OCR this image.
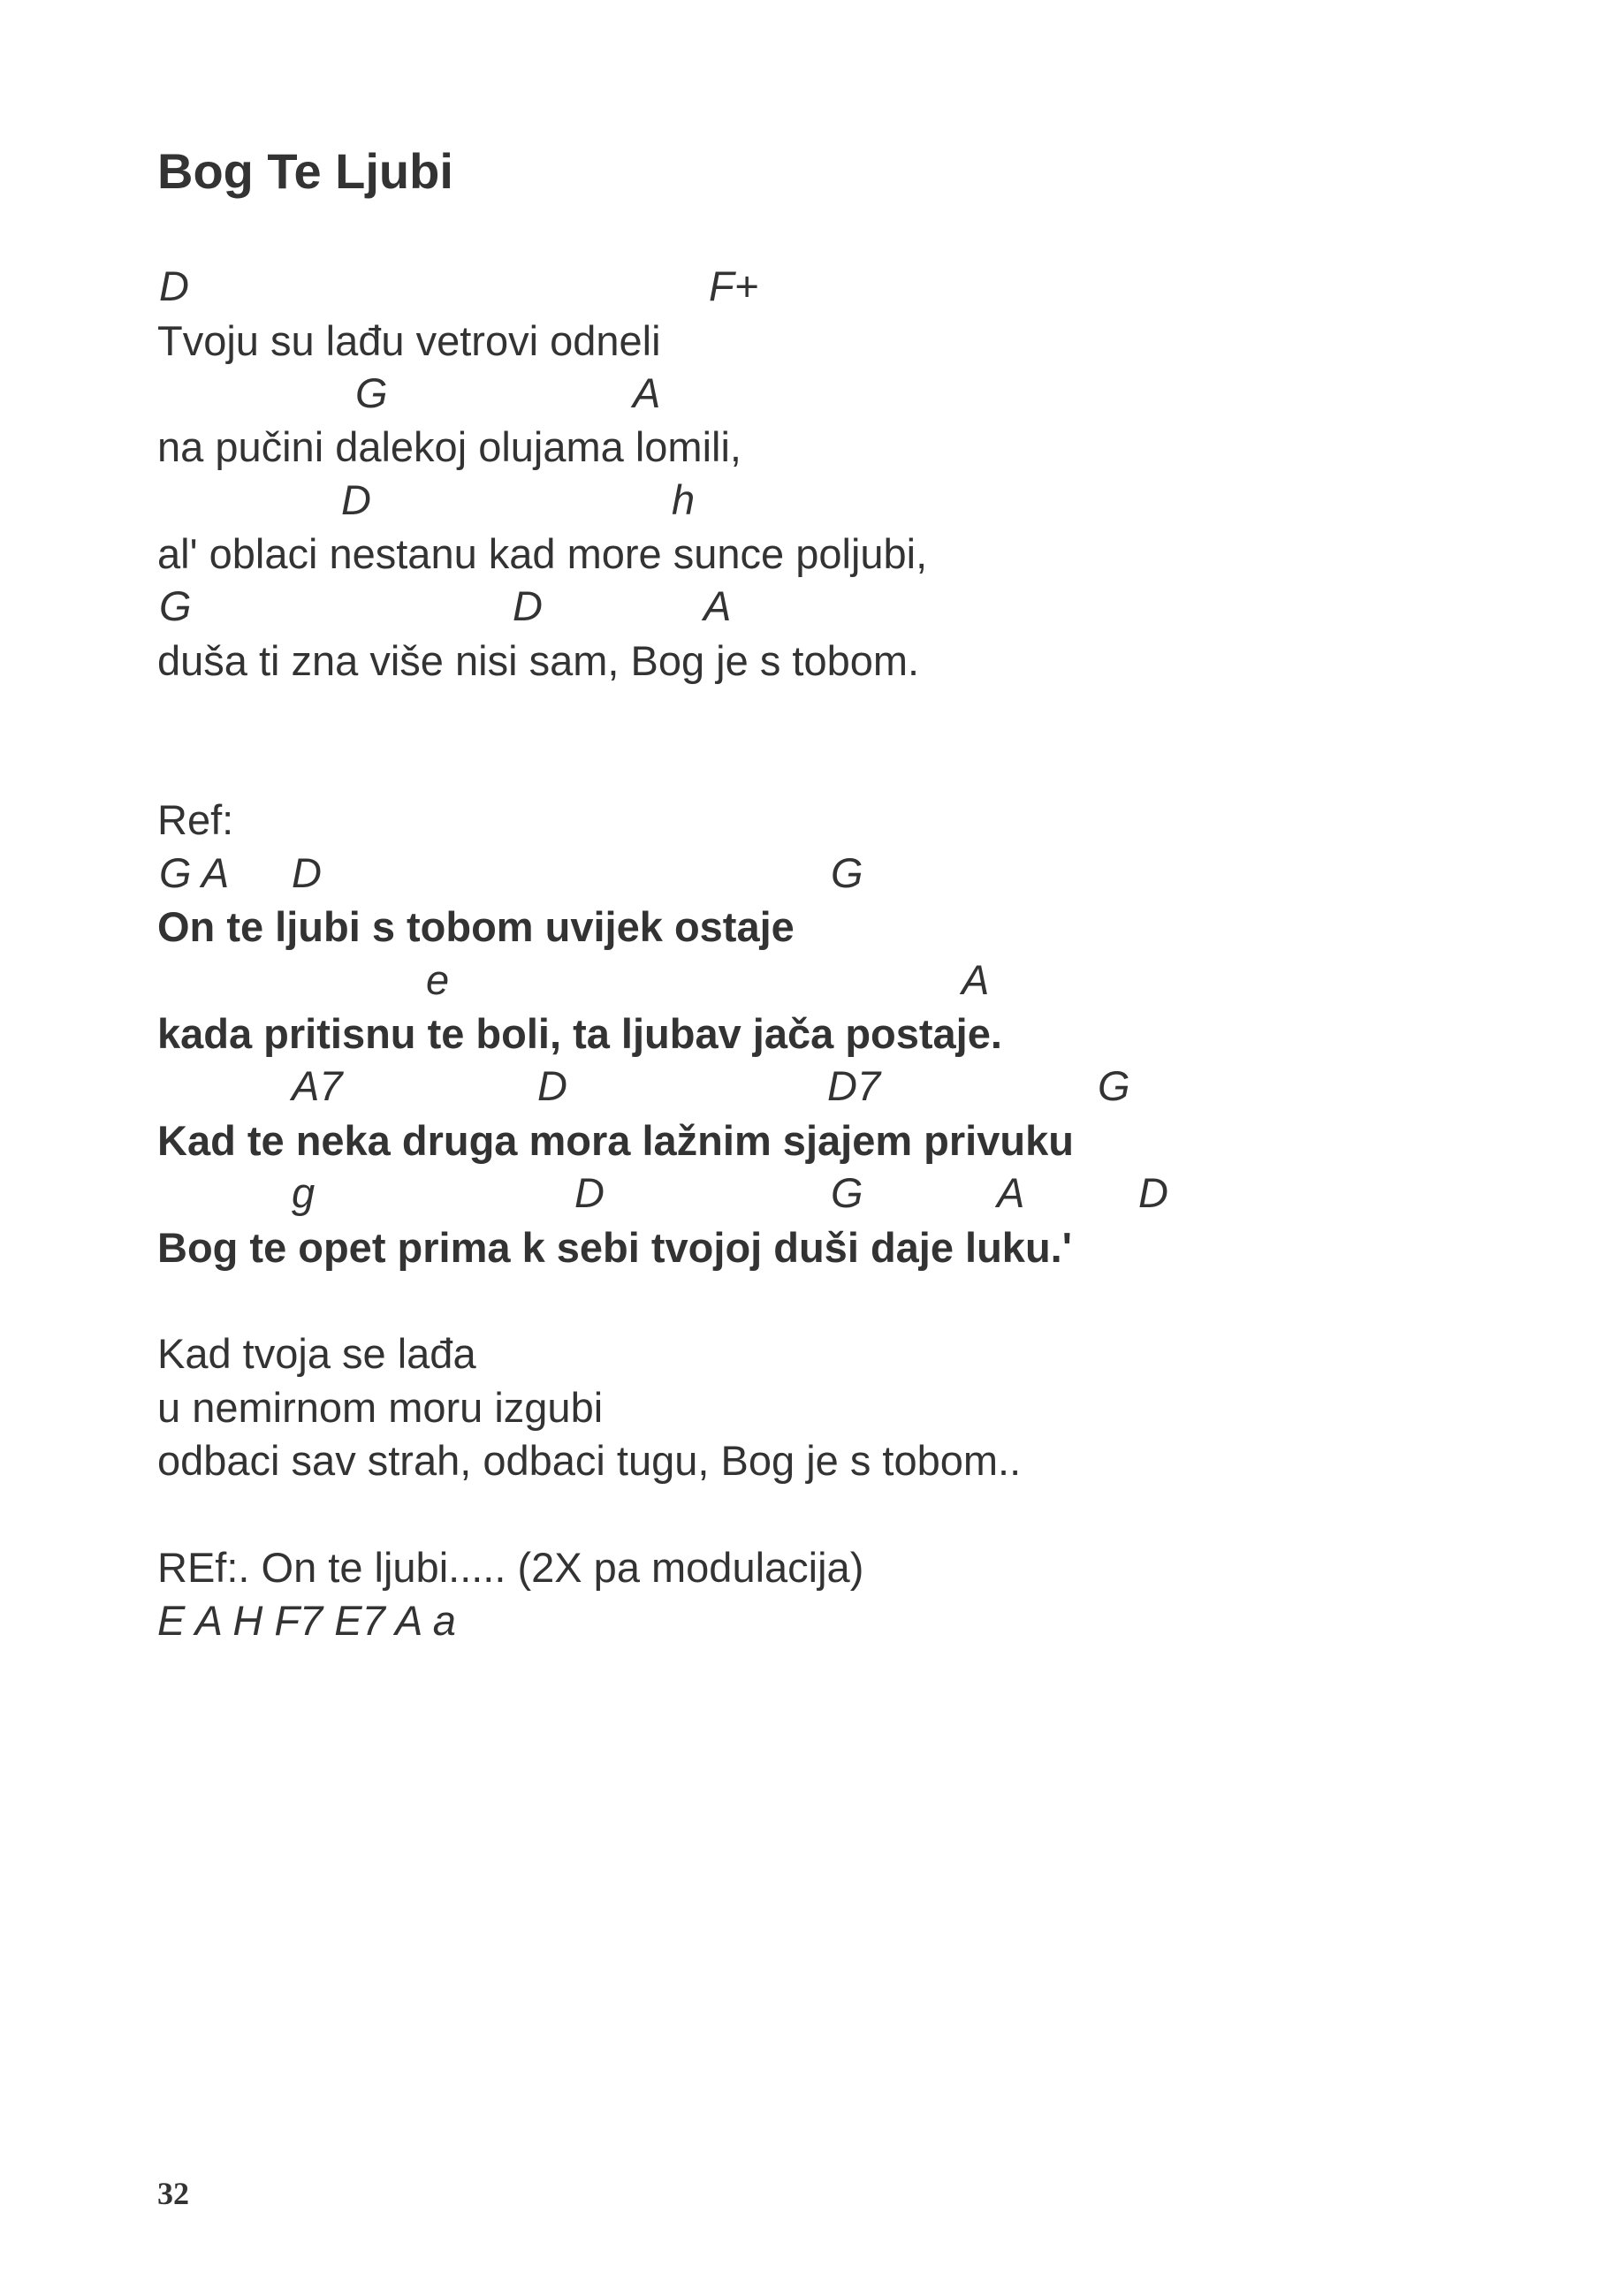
Bog Te Ljubi
D	F+
Tvoju su lađu vetrovi odneli
G	A
na pučini dalekoj olujama lomili,
D	h
al' oblaci nestanu kad more sunce poljubi,
G	D	A
duša ti zna više nisi sam, Bog je s tobom.
Ref:
G A D	G
On te ljubi s tobom uvijek ostaje
e	A
kada pritisnu te boli, ta ljubav jača postaje.
A7	D	D7	G
Kad te neka druga mora lažnim sjajem privuku
g	D	G	A	D
Bog te opet prima k sebi tvojoj duši daje luku.'
Kad tvoja se lađa
u nemirnom moru izgubi
odbaci sav strah, odbaci tugu, Bog je s tobom..
REf:. On te ljubi..... (2X pa modulacija)
E A H F7 E7 A a
32
